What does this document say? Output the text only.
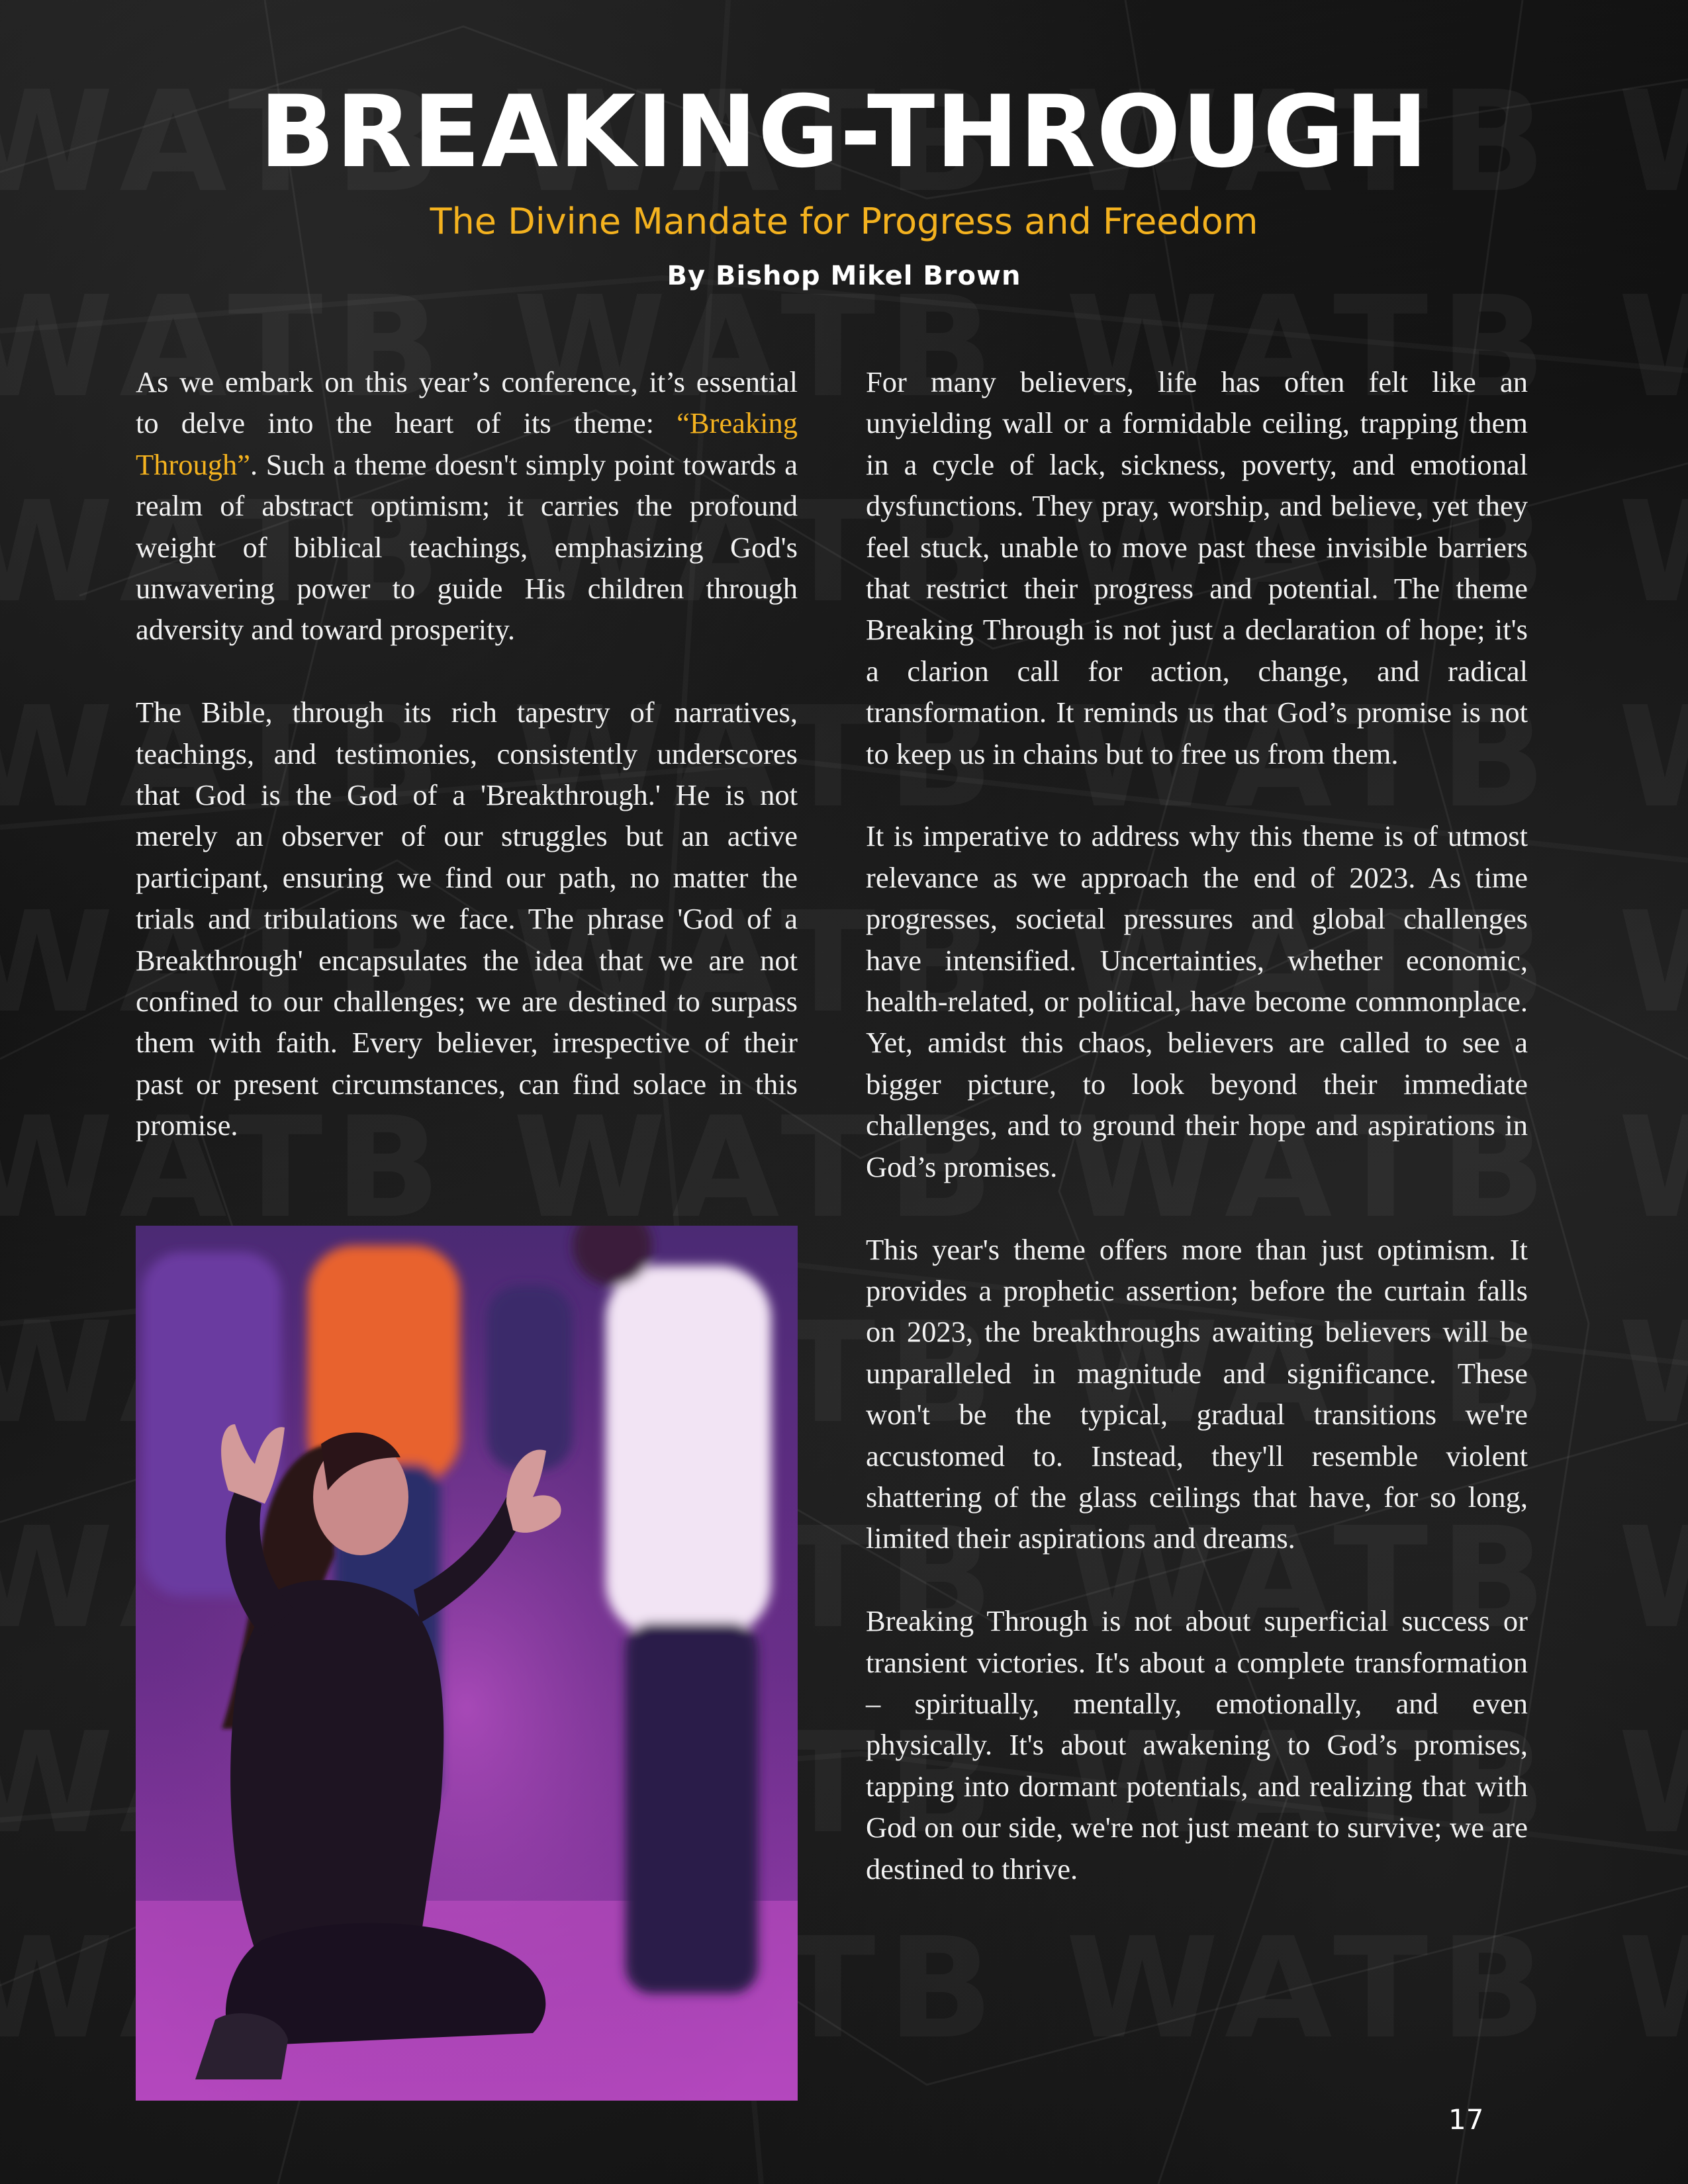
BREAKING-THROUGH
The Divine Mandate for Progress and Freedom
By Bishop Mikel Brown

As we embark on this year’s conference, it’s essential to delve into the heart of its theme: “Breaking Through”. Such a theme doesn't simply point towards a realm of abstract optimism; it carries the profound weight of biblical teachings, emphasizing God's unwavering power to guide His children through adversity and toward prosperity.

The Bible, through its rich tapestry of narratives, teachings, and testimonies, consistently underscores that God is the God of a 'Breakthrough.' He is not merely an observer of our struggles but an active participant, ensuring we find our path, no matter the trials and tribulations we face. The phrase 'God of a Breakthrough' encapsulates the idea that we are not confined to our challenges; we are destined to surpass them with faith. Every believer, irrespective of their past or present circumstances, can find solace in this promise.

For many believers, life has often felt like an unyielding wall or a formidable ceiling, trapping them in a cycle of lack, sickness, poverty, and emotional dysfunctions. They pray, worship, and believe, yet they feel stuck, unable to move past these invisible barriers that restrict their progress and potential. The theme Breaking Through is not just a declaration of hope; it's a clarion call for action, change, and radical transformation. It reminds us that God’s promise is not to keep us in chains but to free us from them.

It is imperative to address why this theme is of utmost relevance as we approach the end of 2023. As time progresses, societal pressures and global challenges have intensified. Uncertainties, whether economic, health-related, or political, have become commonplace. Yet, amidst this chaos, believers are called to see a bigger picture, to look beyond their immediate challenges, and to ground their hope and aspirations in God’s promises.

This year's theme offers more than just optimism. It provides a prophetic assertion; before the curtain falls on 2023, the breakthroughs awaiting believers will be unparalleled in magnitude and significance. These won't be the typical, gradual transitions we're accustomed to. Instead, they'll resemble violent shattering of the glass ceilings that have, for so long, limited their aspirations and dreams.

Breaking Through is not about superficial success or transient victories. It's about a complete transformation – spiritually, mentally, emotionally, and even physically. It's about awakening to God’s promises, tapping into dormant potentials, and realizing that with God on our side, we're not just meant to survive; we are destined to thrive.

17
